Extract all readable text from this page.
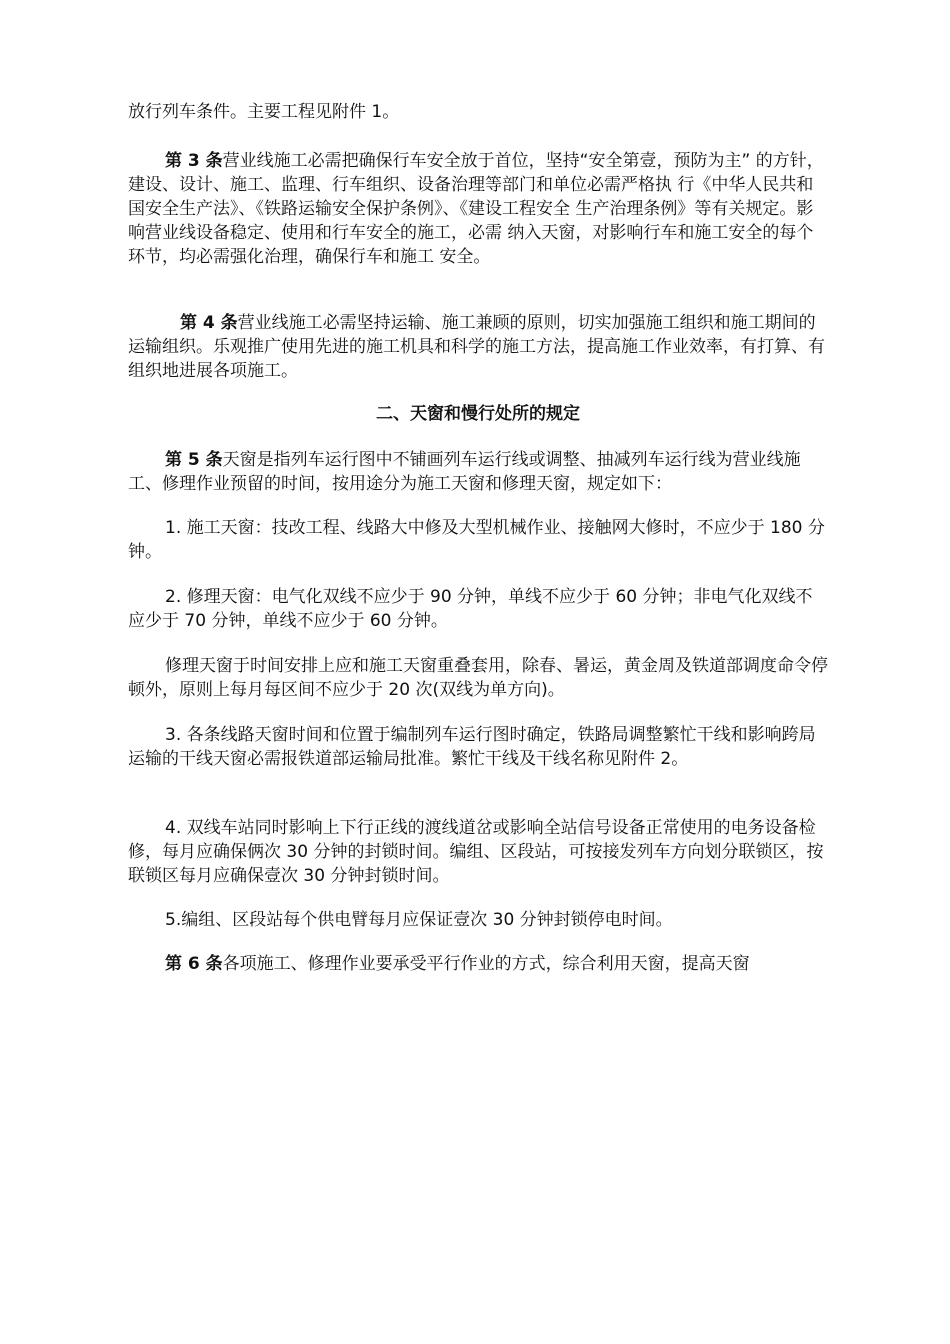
放行列车条件。主要工程见附件 1。

第 3 条营业线施工必需把确保行车安全放于首位，坚持“安全第壹，预防为主” 的方针，建设、设计、施工、监理、行车组织、设备治理等部门和单位必需严格执 行《中华人民共和国安全生产法》、《铁路运输安全保护条例》、《建设工程安全 生产治理条例》等有关规定。影响营业线设备稳定、使用和行车安全的施工，必需 纳入天窗，对影响行车和施工安全的每个环节，均必需强化治理，确保行车和施工 安全。

第 4 条营业线施工必需坚持运输、施工兼顾的原则，切实加强施工组织和施工期间的运输组织。乐观推广使用先进的施工机具和科学的施工方法，提高施工作业效率，有打算、有组织地进展各项施工。

二、天窗和慢行处所的规定

第 5 条天窗是指列车运行图中不铺画列车运行线或调整、抽减列车运行线为营业线施工、修理作业预留的时间，按用途分为施工天窗和修理天窗，规定如下：

1. 施工天窗：技改工程、线路大中修及大型机械作业、接触网大修时，不应少于 180 分钟。

2. 修理天窗：电气化双线不应少于 90 分钟，单线不应少于 60 分钟；非电气化双线不应少于 70 分钟，单线不应少于 60 分钟。

修理天窗于时间安排上应和施工天窗重叠套用，除春、暑运，黄金周及铁道部调度命令停顿外，原则上每月每区间不应少于 20 次(双线为单方向)。

3. 各条线路天窗时间和位置于编制列车运行图时确定，铁路局调整繁忙干线和影响跨局运输的干线天窗必需报铁道部运输局批准。繁忙干线及干线名称见附件 2。

4. 双线车站同时影响上下行正线的渡线道岔或影响全站信号设备正常使用的电务设备检修，每月应确保俩次 30 分钟的封锁时间。编组、区段站，可按接发列车方向划分联锁区，按联锁区每月应确保壹次 30 分钟封锁时间。

5.编组、区段站每个供电臂每月应保证壹次 30 分钟封锁停电时间。

第 6 条各项施工、修理作业要承受平行作业的方式，综合利用天窗，提高天窗
